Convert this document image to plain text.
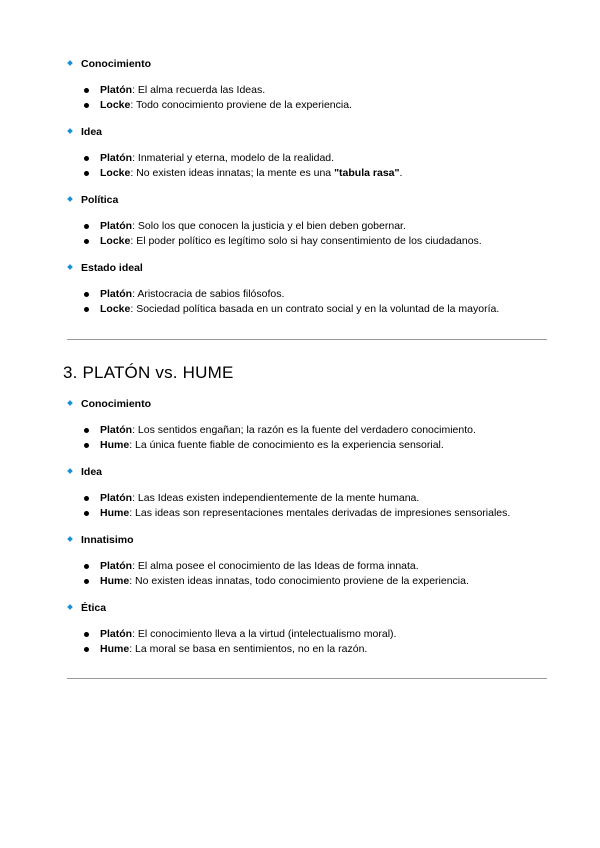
Conocimiento
Platón: El alma recuerda las Ideas.
Locke: Todo conocimiento proviene de la experiencia.
Idea
Platón: Inmaterial y eterna, modelo de la realidad.
Locke: No existen ideas innatas; la mente es una "tabula rasa".
Política
Platón: Solo los que conocen la justicia y el bien deben gobernar.
Locke: El poder político es legítimo solo si hay consentimiento de los ciudadanos.
Estado ideal
Platón: Aristocracia de sabios filósofos.
Locke: Sociedad política basada en un contrato social y en la voluntad de la mayoría.
3. PLATÓN vs. HUME
Conocimiento
Platón: Los sentidos engañan; la razón es la fuente del verdadero conocimiento.
Hume: La única fuente fiable de conocimiento es la experiencia sensorial.
Idea
Platón: Las Ideas existen independientemente de la mente humana.
Hume: Las ideas son representaciones mentales derivadas de impresiones sensoriales.
Innatisimo
Platón: El alma posee el conocimiento de las Ideas de forma innata.
Hume: No existen ideas innatas, todo conocimiento proviene de la experiencia.
Ética
Platón: El conocimiento lleva a la virtud (intelectualismo moral).
Hume: La moral se basa en sentimientos, no en la razón.
